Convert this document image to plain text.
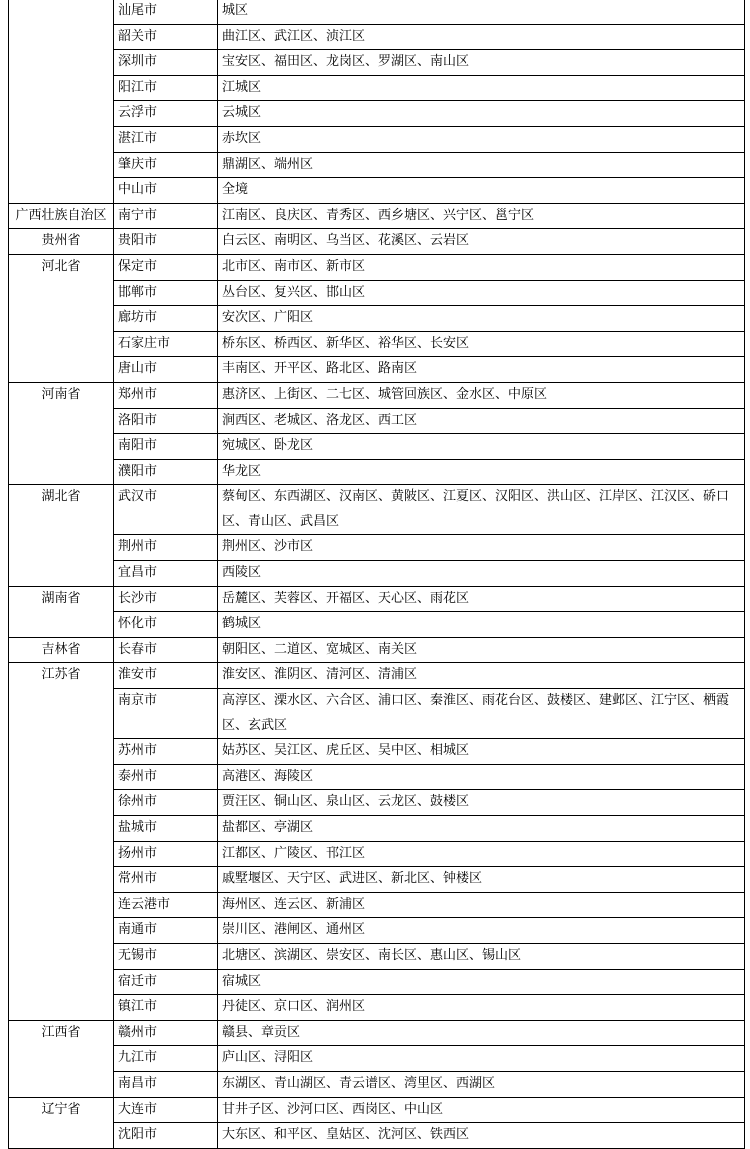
	汕尾市	城区
	韶关市	曲江区、武江区、浈江区
	深圳市	宝安区、福田区、龙岗区、罗湖区、南山区
	阳江市	江城区
	云浮市	云城区
	湛江市	赤坎区
	肇庆市	鼎湖区、端州区
	中山市	全境
广西壮族自治区	南宁市	江南区、良庆区、青秀区、西乡塘区、兴宁区、邕宁区
贵州省	贵阳市	白云区、南明区、乌当区、花溪区、云岩区
河北省	保定市	北市区、南市区、新市区
	邯郸市	丛台区、复兴区、邯山区
	廊坊市	安次区、广阳区
	石家庄市	桥东区、桥西区、新华区、裕华区、长安区
	唐山市	丰南区、开平区、路北区、路南区
河南省	郑州市	惠济区、上街区、二七区、城管回族区、金水区、中原区
	洛阳市	涧西区、老城区、洛龙区、西工区
	南阳市	宛城区、卧龙区
	濮阳市	华龙区
湖北省	武汉市	蔡甸区、东西湖区、汉南区、黄陂区、江夏区、汉阳区、洪山区、江岸区、江汉区、硚口区、青山区、武昌区
	荆州市	荆州区、沙市区
	宜昌市	西陵区
湖南省	长沙市	岳麓区、芙蓉区、开福区、天心区、雨花区
	怀化市	鹤城区
吉林省	长春市	朝阳区、二道区、宽城区、南关区
江苏省	淮安市	淮安区、淮阴区、清河区、清浦区
	南京市	高淳区、溧水区、六合区、浦口区、秦淮区、雨花台区、鼓楼区、建邺区、江宁区、栖霞区、玄武区
	苏州市	姑苏区、吴江区、虎丘区、吴中区、相城区
	泰州市	高港区、海陵区
	徐州市	贾汪区、铜山区、泉山区、云龙区、鼓楼区
	盐城市	盐都区、亭湖区
	扬州市	江都区、广陵区、邗江区
	常州市	戚墅堰区、天宁区、武进区、新北区、钟楼区
	连云港市	海州区、连云区、新浦区
	南通市	崇川区、港闸区、通州区
	无锡市	北塘区、滨湖区、崇安区、南长区、惠山区、锡山区
	宿迁市	宿城区
	镇江市	丹徒区、京口区、润州区
江西省	赣州市	赣县、章贡区
	九江市	庐山区、浔阳区
	南昌市	东湖区、青山湖区、青云谱区、湾里区、西湖区
辽宁省	大连市	甘井子区、沙河口区、西岗区、中山区
	沈阳市	大东区、和平区、皇姑区、沈河区、铁西区
